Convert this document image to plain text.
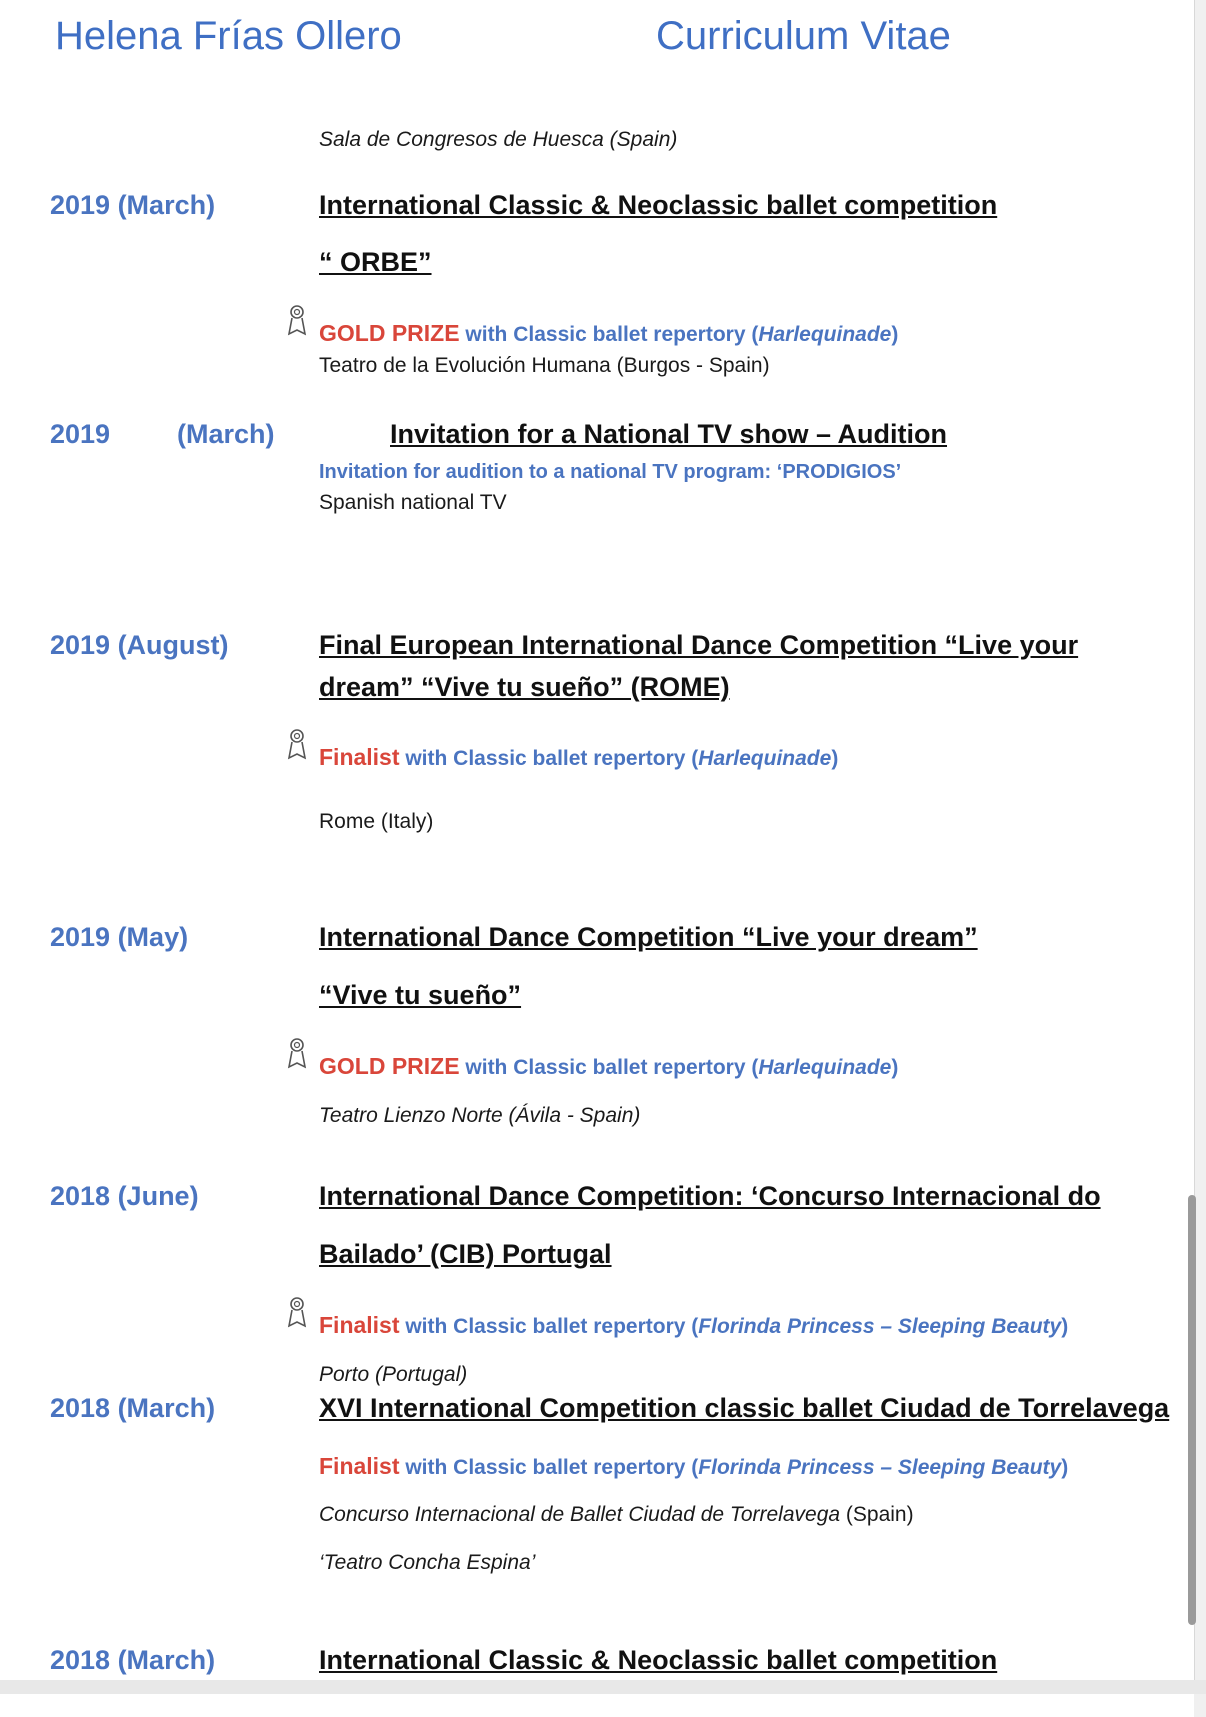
Helena Frías Ollero	Curriculum Vitae
Sala de Congresos de Huesca (Spain)
2019 (March)	International Classic & Neoclassic ballet competition
“ ORBE”
GOLD PRIZE with Classic ballet repertory (Harlequinade)
Teatro de la Evolución Humana (Burgos - Spain)
2019 (March)	Invitation for a National TV show – Audition
Invitation for audition to a national TV program: ‘PRODIGIOS’
Spanish national TV
2019 (August)	Final European International Dance Competition “Live your
dream” “Vive tu sueño” (ROME)
Finalist with Classic ballet repertory (Harlequinade)
Rome (Italy)
2019 (May)	International Dance Competition “Live your dream”
“Vive tu sueño”
GOLD PRIZE with Classic ballet repertory (Harlequinade)
Teatro Lienzo Norte (Ávila - Spain)
2018 (June)	International Dance Competition: ‘Concurso Internacional do
Bailado’ (CIB) Portugal
Finalist with Classic ballet repertory (Florinda Princess – Sleeping Beauty)
Porto (Portugal)
2018 (March)	XVI International Competition classic ballet Ciudad de Torrelavega
Finalist with Classic ballet repertory (Florinda Princess – Sleeping Beauty)
Concurso Internacional de Ballet Ciudad de Torrelavega (Spain)
‘Teatro Concha Espina’
2018 (March)	International Classic & Neoclassic ballet competition
